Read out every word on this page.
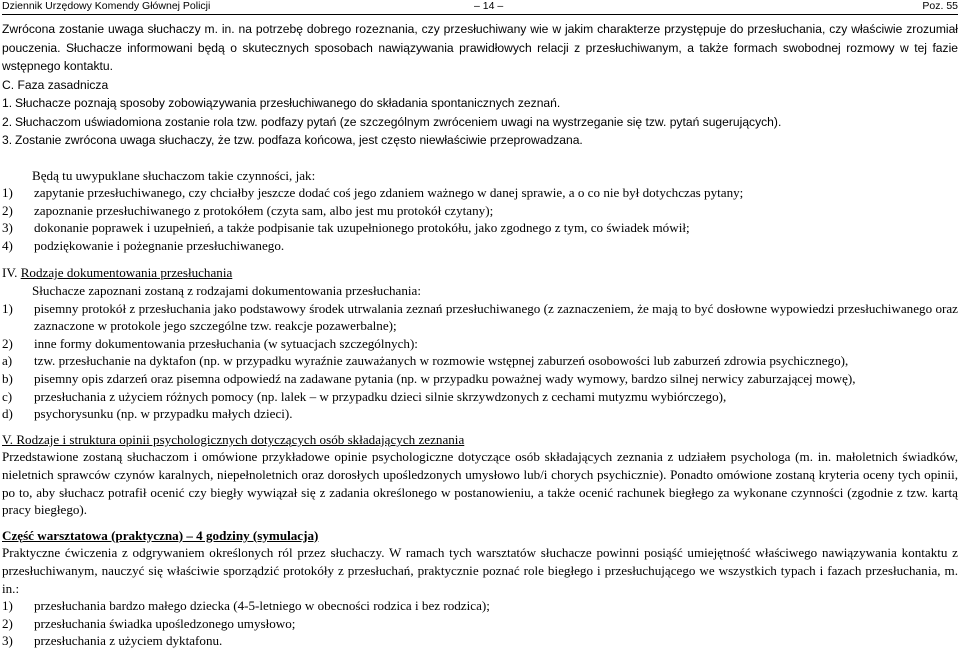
Dziennik Urzędowy Komendy Głównej Policji	– 14 –	Poz. 55

Zwrócona zostanie uwaga słuchaczy m. in. na potrzebę dobrego rozeznania, czy przesłuchiwany wie w jakim charakterze przystępuje do przesłuchania, czy właściwie zrozumiał pouczenia. Słuchacze informowani będą o skutecznych sposobach nawiązywania prawidłowych relacji z przesłuchiwanym, a także formach swobodnej rozmowy w tej fazie wstępnego kontaktu.

C. Faza zasadnicza

1. Słuchacze poznają sposoby zobowiązywania przesłuchiwanego do składania spontanicznych zeznań.
2. Słuchaczom uświadomiona zostanie rola tzw. podfazy pytań (ze szczególnym zwróceniem uwagi na wystrzeganie się tzw. pytań sugerujących).
3. Zostanie zwrócona uwaga słuchaczy, że tzw. podfaza końcowa, jest często niewłaściwie przeprowadzana.

Będą tu uwypuklane słuchaczom takie czynności, jak:

1)	zapytanie przesłuchiwanego, czy chciałby jeszcze dodać coś jego zdaniem ważnego w danej sprawie, a o co nie był dotychczas pytany;
2)	zapoznanie przesłuchiwanego z protokółem (czyta sam, albo jest mu protokół czytany);
3)	dokonanie poprawek i uzupełnień, a także podpisanie tak uzupełnionego protokółu, jako zgodnego z tym, co świadek mówił;
4)	podziękowanie i pożegnanie przesłuchiwanego.

IV. Rodzaje dokumentowania przesłuchania

Słuchacze zapoznani zostaną z rodzajami dokumentowania przesłuchania:

1)	pisemny protokół z przesłuchania jako podstawowy środek utrwalania zeznań przesłuchiwanego (z zaznaczeniem, że mają to być dosłowne wypowiedzi przesłuchiwanego oraz zaznaczone w protokole jego szczególne tzw. reakcje pozawerbalne);
2)	inne formy dokumentowania przesłuchania (w sytuacjach szczególnych):
a)	tzw. przesłuchanie na dyktafon (np. w przypadku wyraźnie zauważanych w rozmowie wstępnej zaburzeń osobowości lub zaburzeń zdrowia psychicznego),
b)	pisemny opis zdarzeń oraz pisemna odpowiedź na zadawane pytania (np. w przypadku poważnej wady wymowy, bardzo silnej nerwicy zaburzającej mowę),
c)	przesłuchania z użyciem różnych pomocy (np. lalek – w przypadku dzieci silnie skrzywdzonych z cechami mutyzmu wybiórczego),
d)	psychorysunku (np. w przypadku małych dzieci).

V. Rodzaje i struktura opinii psychologicznych dotyczących osób składających zeznania

Przedstawione zostaną słuchaczom i omówione przykładowe opinie psychologiczne dotyczące osób składających zeznania z udziałem psychologa (m. in. małoletnich świadków, nieletnich sprawców czynów karalnych, niepełnoletnich oraz dorosłych upośledzonych umysłowo lub/i chorych psychicznie). Ponadto omówione zostaną kryteria oceny tych opinii, po to, aby słuchacz potrafił ocenić czy biegły wywiązał się z zadania określonego w postanowieniu, a także ocenić rachunek biegłego za wykonane czynności (zgodnie z tzw. kartą pracy biegłego).

Część warsztatowa (praktyczna) – 4 godziny (symulacja)

Praktyczne ćwiczenia z odgrywaniem określonych ról przez słuchaczy. W ramach tych warsztatów słuchacze powinni posiąść umiejętność właściwego nawiązywania kontaktu z przesłuchiwanym, nauczyć się właściwie sporządzić protokóły z przesłuchań, praktycznie poznać role biegłego i przesłuchującego we wszystkich typach i fazach przesłuchania, m. in.:

1)	przesłuchania bardzo małego dziecka (4-5-letniego w obecności rodzica i bez rodzica);
2)	przesłuchania świadka upośledzonego umysłowo;
3)	przesłuchania z użyciem dyktafonu.
